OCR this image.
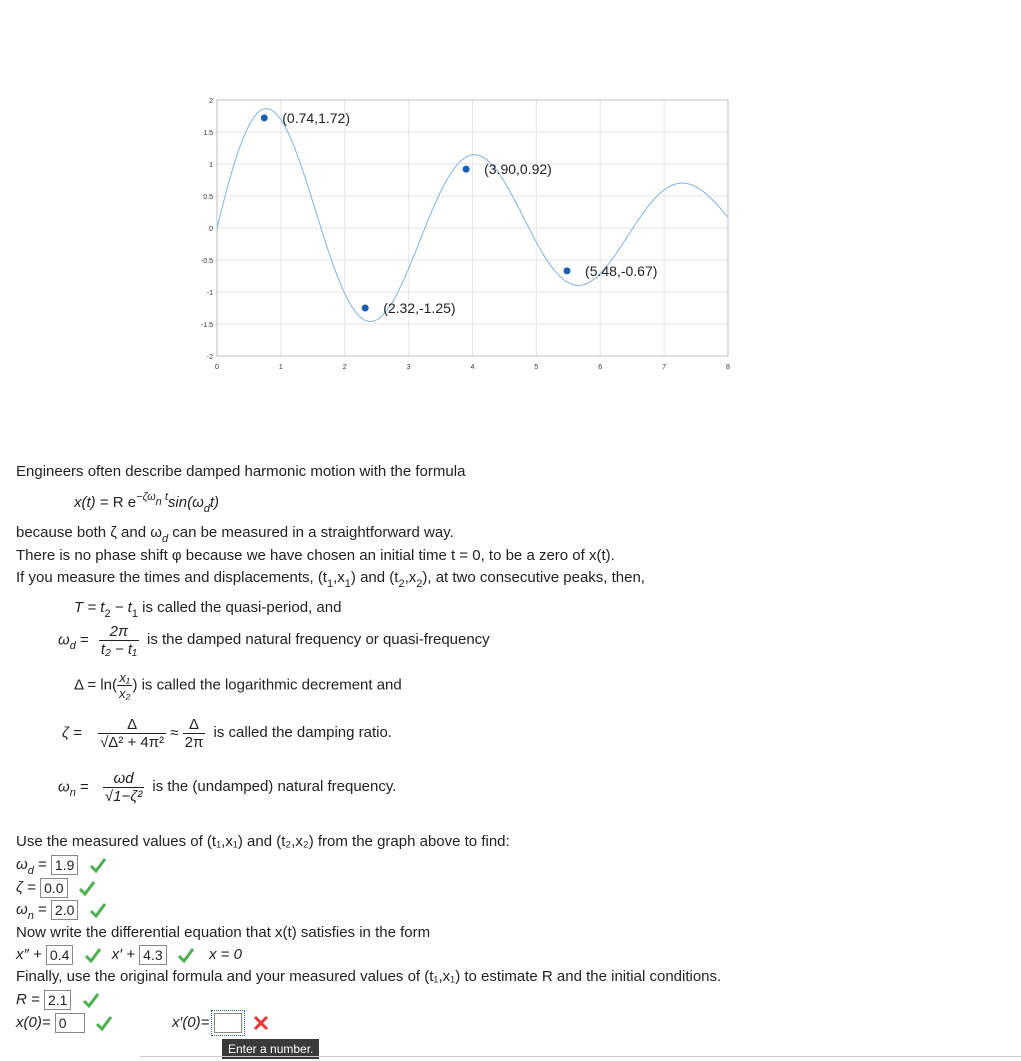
0	1	2	3	4	5	6	7	8
2
1.5
1
0.5
0
-0.5
-1
-1.5
-2
(0.74,1.72)
(2.32,-1.25)
(3.90,0.92)
(5.48,-0.67)
Engineers often describe damped harmonic motion with the formula
x(t) = R $e^{-\zeta\omega n t}\sin(\omega_dt)$
because both ζ and $\omega_d$ can be measured in a straightforward way.
There is no phase shift φ because we have chosen an initial time t = 0, to be a zero of x(t).
If you measure the times and displacements, $(t_1,x_1)$ and $(t_2,x_2)$, at two consecutive peaks, then,
$T = t_2 - t_1$ is called the quasi-period, and
$\omega_d = \frac{2\pi}{\text{t₂ − t₁}}$ is the damped natural frequency or quasi-frequency
$\Delta = \ln( \frac{\text{x₁}}{\text{x₂}}$ ) is called the logarithmic decrement and
$\zeta = \frac{\Delta}{\text{√Δ² + 4π²}} \approx \frac{\Delta}{2\pi}$ is called the damping ratio.
$\omega_n = \frac{\omega d}{\text{√1−ζ²}}$ is the (undamped) natural frequency.
Use the measured values of (t₁,x₁) and (t₂,x₂) from the graph above to find:
$\omega_d = 1.9$
ζ = 0.0
$\omega_n = 2.0$
Now write the differential equation that x(t) satisfies in the form
x″ + 0.4	x′ + 4.3	x = 0
Finally, use the original formula and your measured values of (t₁,x₁) to estimate R and the initial conditions.
R = 2.1
x(0)= 0	x′(0)=
Enter a number.
